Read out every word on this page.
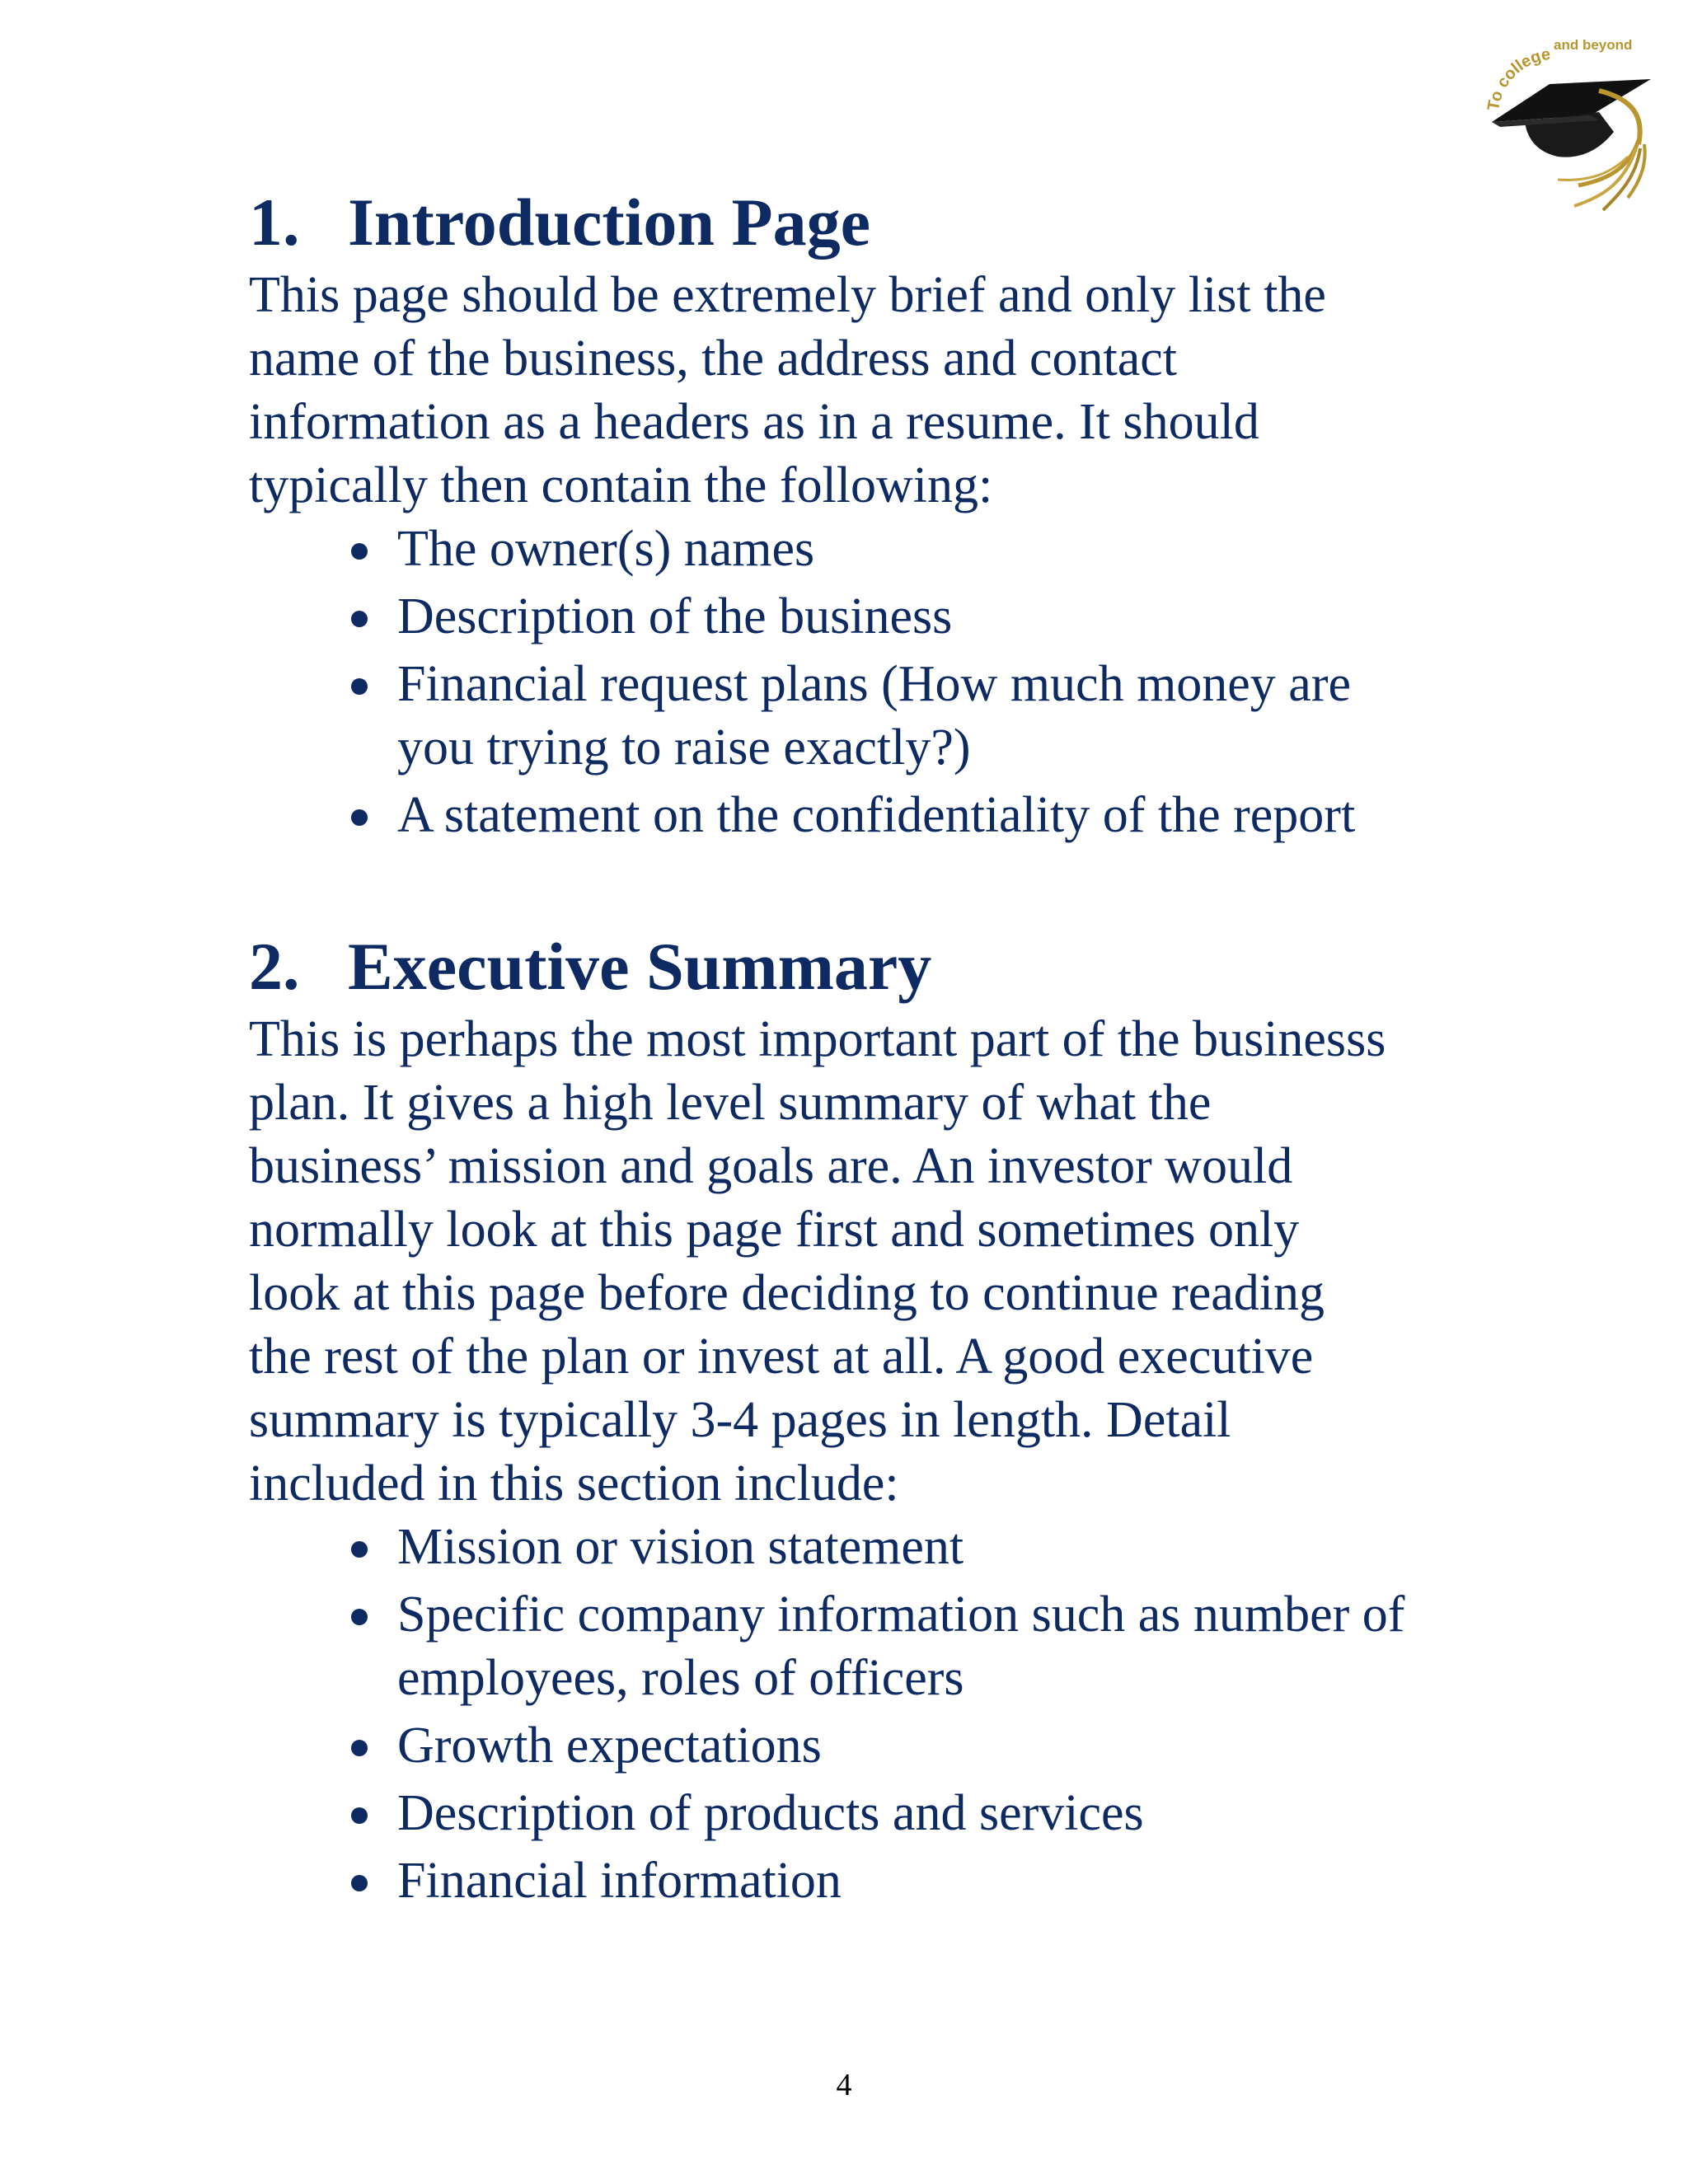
To college
and beyond
1. Introduction Page
This page should be extremely brief and only list the
name of the business, the address and contact
information as a headers as in a resume. It should
typically then contain the following:
The owner(s) names
Description of the business
Financial request plans (How much money are
you trying to raise exactly?)
A statement on the confidentiality of the report
2. Executive Summary
This is perhaps the most important part of the businesss
plan. It gives a high level summary of what the
business’ mission and goals are. An investor would
normally look at this page first and sometimes only
look at this page before deciding to continue reading
the rest of the plan or invest at all. A good executive
summary is typically 3-4 pages in length. Detail
included in this section include:
Mission or vision statement
Specific company information such as number of
employees, roles of officers
Growth expectations
Description of products and services
Financial information
4
